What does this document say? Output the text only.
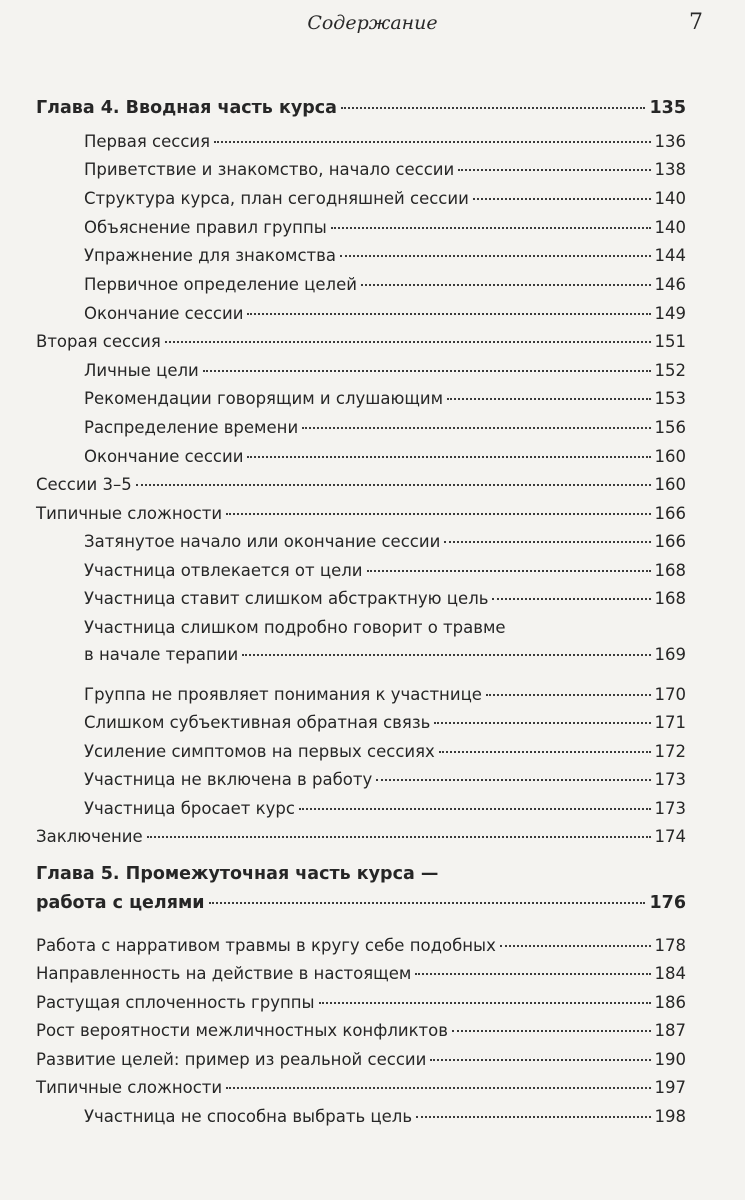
Содержание	7
Глава 4. Вводная часть курса	135
Первая сессия	136
Приветствие и знакомство, начало сессии	138
Структура курса, план сегодняшней сессии	140
Объяснение правил группы	140
Упражнение для знакомства	144
Первичное определение целей	146
Окончание сессии	149
Вторая сессия	151
Личные цели	152
Рекомендации говорящим и слушающим	153
Распределение времени	156
Окончание сессии	160
Сессии 3–5	160
Типичные сложности	166
Затянутое начало или окончание сессии	166
Участница отвлекается от цели	168
Участница ставит слишком абстрактную цель	168
Участница слишком подробно говорит о травме
в начале терапии	169
Группа не проявляет понимания к участнице	170
Слишком субъективная обратная связь	171
Усиление симптомов на первых сессиях	172
Участница не включена в работу	173
Участница бросает курс	173
Заключение	174
Глава 5. Промежуточная часть курса —
работа с целями	176
Работа с нарративом травмы в кругу себе подобных	178
Направленность на действие в настоящем	184
Растущая сплоченность группы	186
Рост вероятности межличностных конфликтов	187
Развитие целей: пример из реальной сессии	190
Типичные сложности	197
Участница не способна выбрать цель	198
